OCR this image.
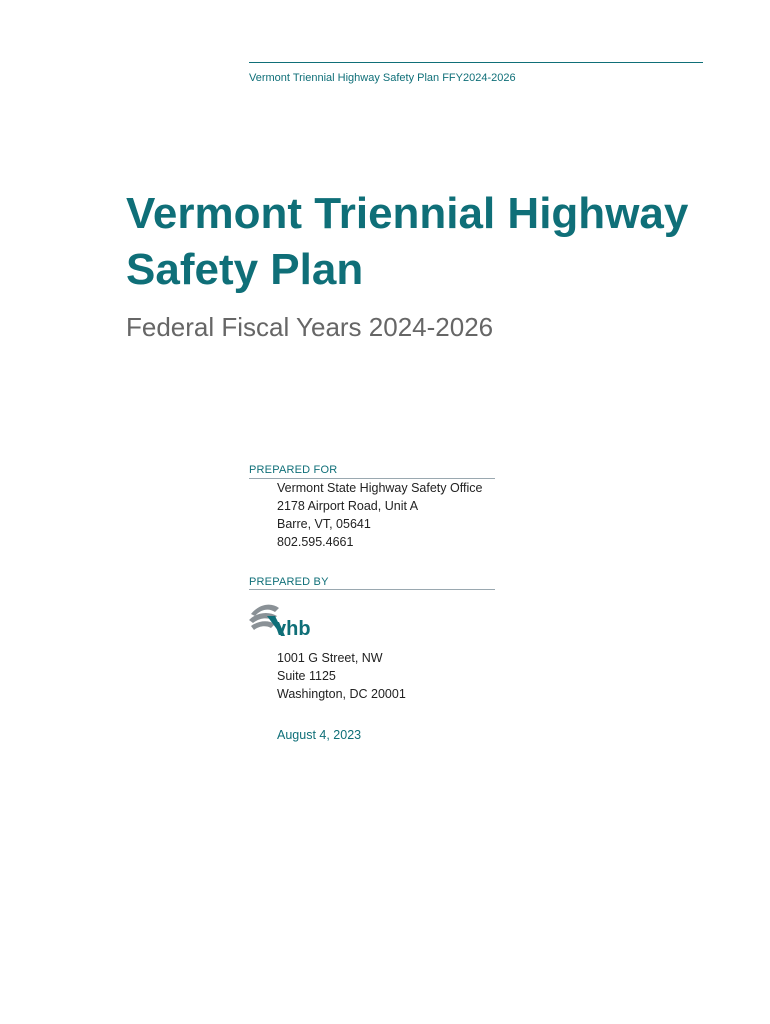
Vermont Triennial Highway Safety Plan FFY2024-2026
Vermont Triennial Highway
Safety Plan
Federal Fiscal Years 2024-2026
PREPARED FOR
Vermont State Highway Safety Office
2178 Airport Road, Unit A
Barre, VT, 05641
802.595.4661
PREPARED BY
vhb
1001 G Street, NW
Suite 1125
Washington, DC 20001
August 4, 2023
